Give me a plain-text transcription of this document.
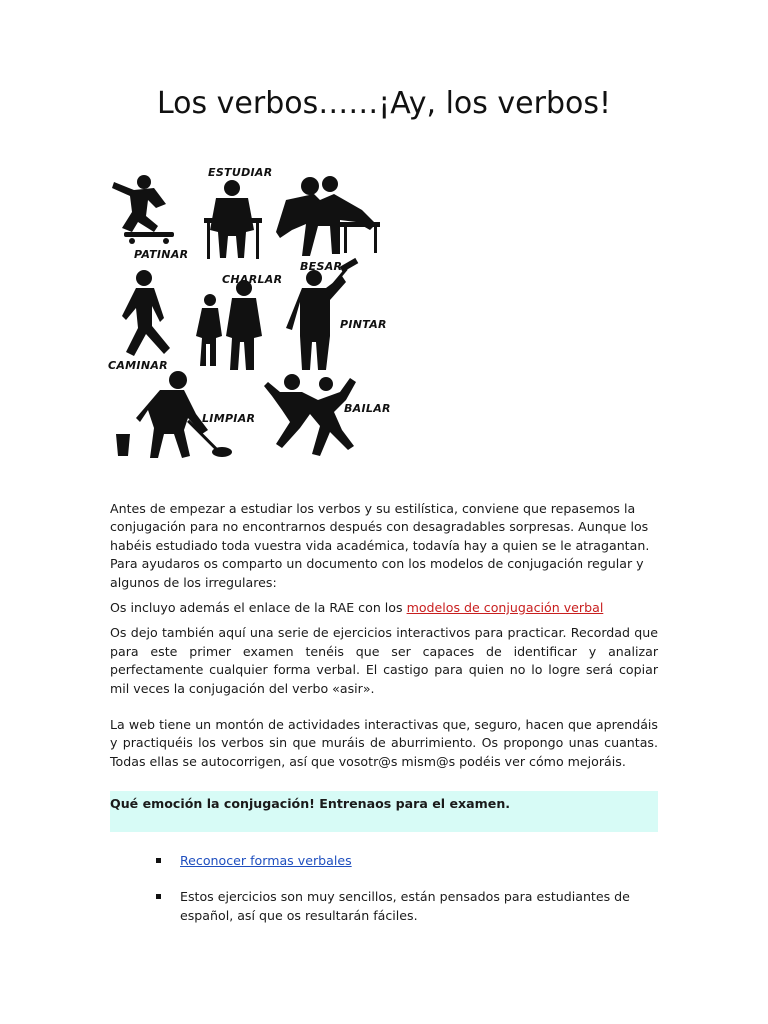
Los verbos……¡Ay, los verbos!
ESTUDIAR
PATINAR
BESAR
CHARLAR
PINTAR
CAMINAR
LIMPIAR
BAILAR

Antes de empezar a estudiar los verbos y su estilística, conviene que repasemos la conjugación para no encontrarnos después con desagradables sorpresas. Aunque los habéis estudiado toda vuestra vida académica, todavía hay a quien se le atragantan. Para ayudaros os comparto un documento con los modelos de conjugación regular y algunos de los irregulares:

Os incluyo además el enlace de la RAE con los modelos de conjugación verbal

Os dejo también aquí una serie de ejercicios interactivos para practicar. Recordad que para este primer examen tenéis que ser capaces de identificar y analizar perfectamente cualquier forma verbal. El castigo para quien no lo logre será copiar mil veces la conjugación del verbo «asir».

La web tiene un montón de actividades interactivas que, seguro, hacen que aprendáis y practiquéis los verbos sin que muráis de aburrimiento. Os propongo unas cuantas. Todas ellas se autocorrigen, así que vosotr@s mism@s podéis ver cómo mejoráis.

Qué emoción la conjugación! Entrenaos para el examen.

Reconocer formas verbales
Estos ejercicios son muy sencillos, están pensados para estudiantes de español, así que os resultarán fáciles.
